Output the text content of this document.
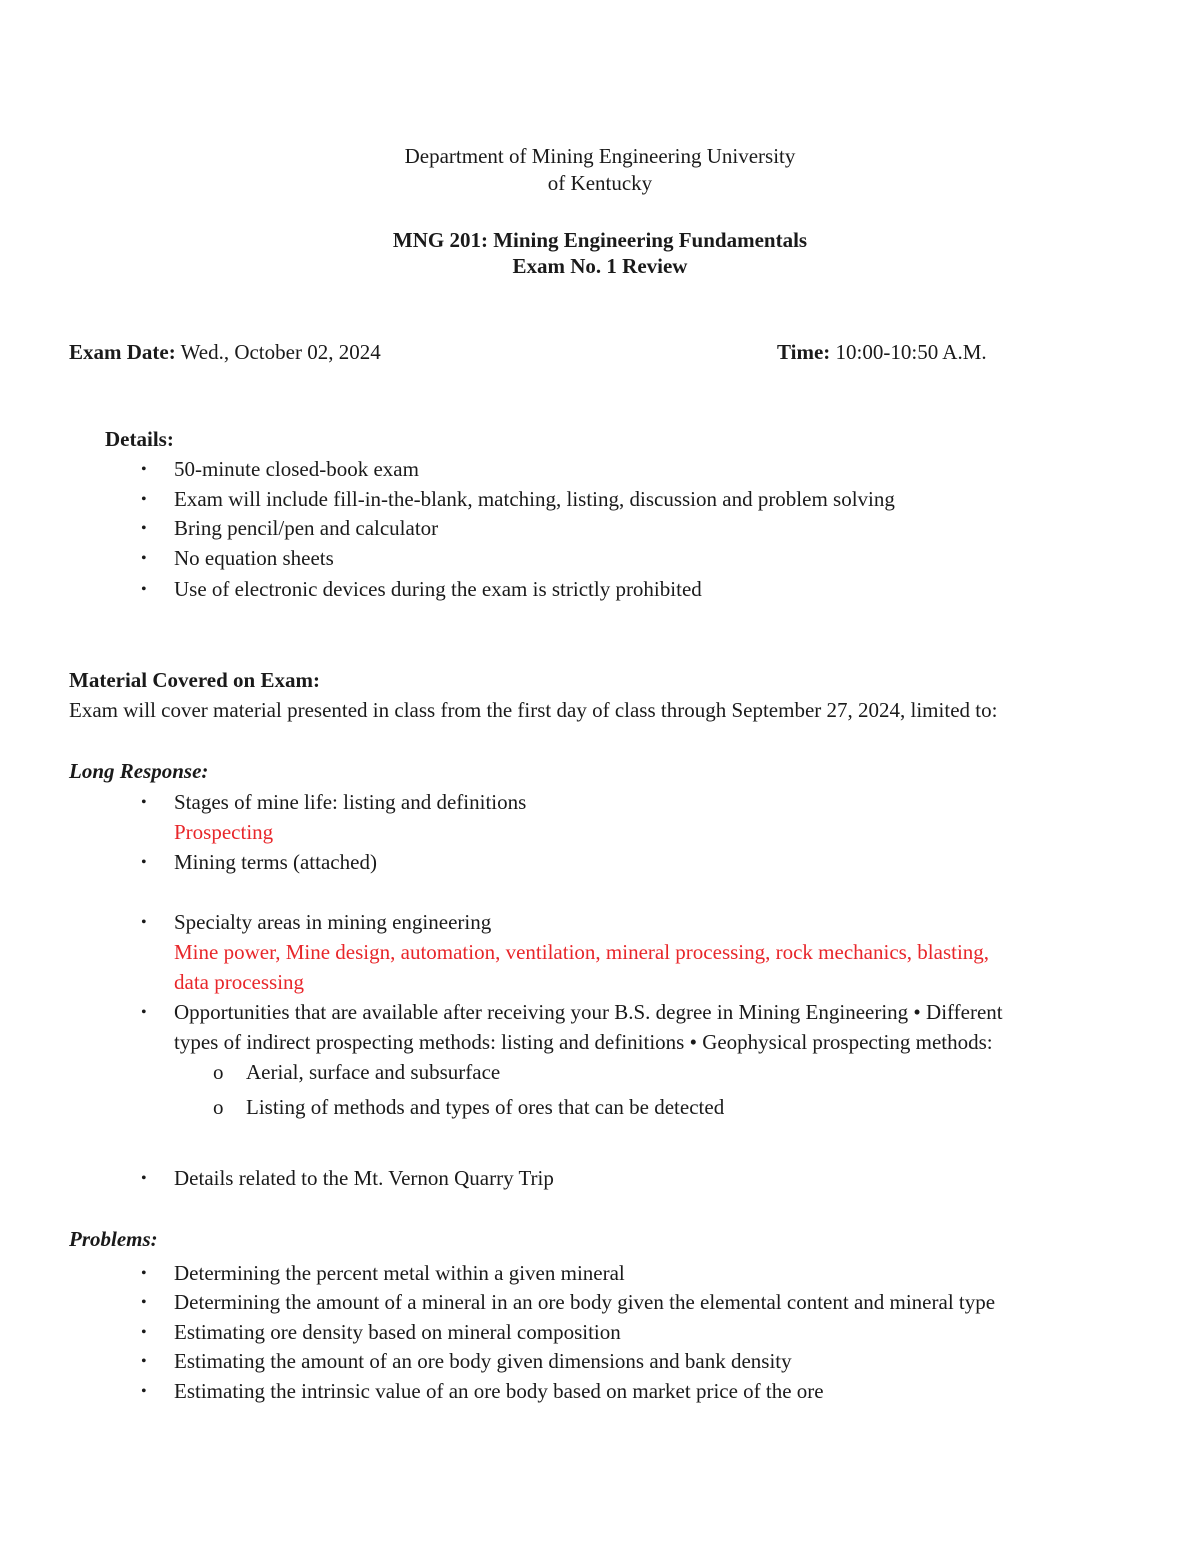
Department of Mining Engineering University
of Kentucky
MNG 201: Mining Engineering Fundamentals
Exam No. 1 Review
Exam Date: Wed., October 02, 2024	Time: 10:00-10:50 A.M.
Details:
• 50-minute closed-book exam
• Exam will include fill-in-the-blank, matching, listing, discussion and problem solving
• Bring pencil/pen and calculator
• No equation sheets
• Use of electronic devices during the exam is strictly prohibited
Material Covered on Exam:
Exam will cover material presented in class from the first day of class through September 27, 2024, limited to:
Long Response:
• Stages of mine life: listing and definitions
Prospecting
• Mining terms (attached)
• Specialty areas in mining engineering
Mine power, Mine design, automation, ventilation, mineral processing, rock mechanics, blasting,
data processing
• Opportunities that are available after receiving your B.S. degree in Mining Engineering • Different
types of indirect prospecting methods: listing and definitions • Geophysical prospecting methods:
o Aerial, surface and subsurface
o Listing of methods and types of ores that can be detected
• Details related to the Mt. Vernon Quarry Trip
Problems:
• Determining the percent metal within a given mineral
• Determining the amount of a mineral in an ore body given the elemental content and mineral type
• Estimating ore density based on mineral composition
• Estimating the amount of an ore body given dimensions and bank density
• Estimating the intrinsic value of an ore body based on market price of the ore
